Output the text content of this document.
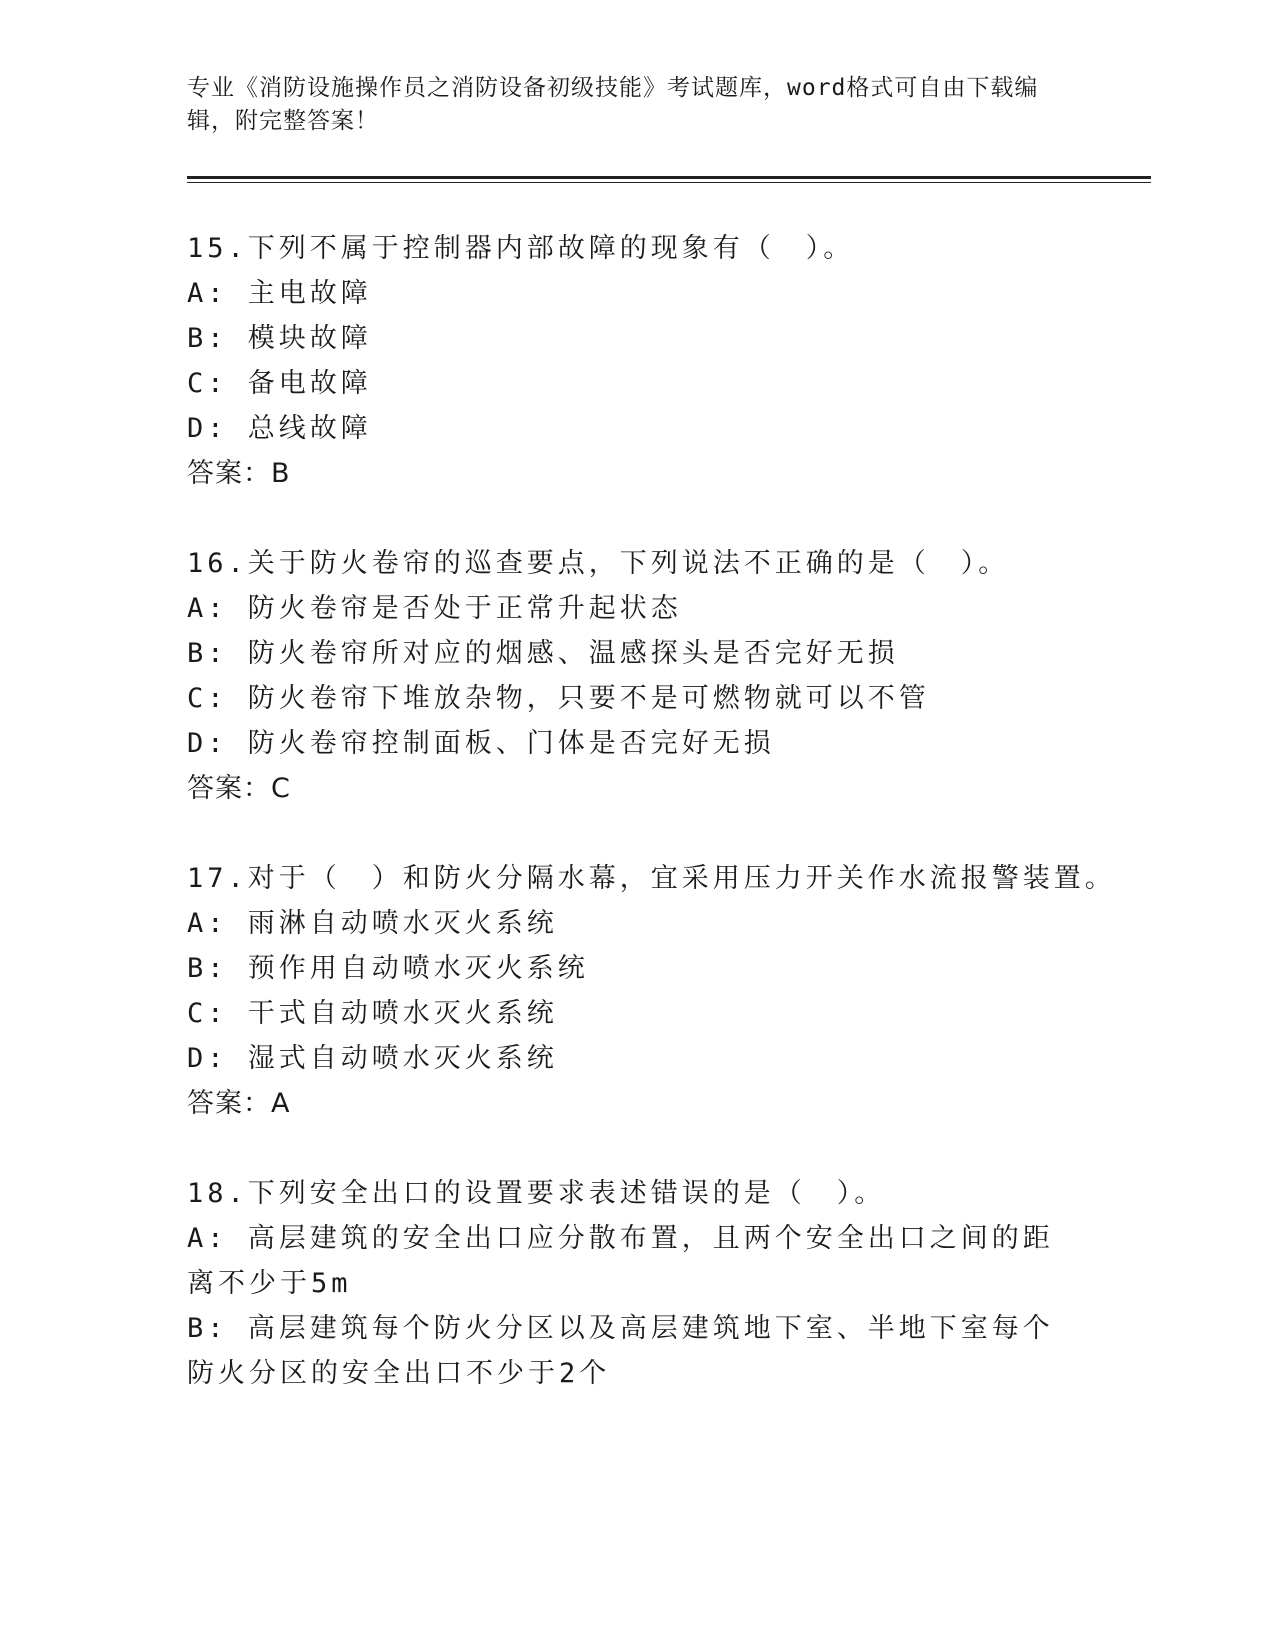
专业《消防设施操作员之消防设备初级技能》考试题库，word格式可自由下载编辑，附完整答案！
15.下列不属于控制器内部故障的现象有（　）。
A: 主电故障
B: 模块故障
C: 备电故障
D: 总线故障
答案：B
16.关于防火卷帘的巡查要点，下列说法不正确的是（　）。
A: 防火卷帘是否处于正常升起状态
B: 防火卷帘所对应的烟感、温感探头是否完好无损
C: 防火卷帘下堆放杂物，只要不是可燃物就可以不管
D: 防火卷帘控制面板、门体是否完好无损
答案：C
17.对于（　）和防火分隔水幕，宜采用压力开关作水流报警装置。
A: 雨淋自动喷水灭火系统
B: 预作用自动喷水灭火系统
C: 干式自动喷水灭火系统
D: 湿式自动喷水灭火系统
答案：A
18.下列安全出口的设置要求表述错误的是（　）。
A: 高层建筑的安全出口应分散布置，且两个安全出口之间的距离不少于5m
B: 高层建筑每个防火分区以及高层建筑地下室、半地下室每个防火分区的安全出口不少于2个
